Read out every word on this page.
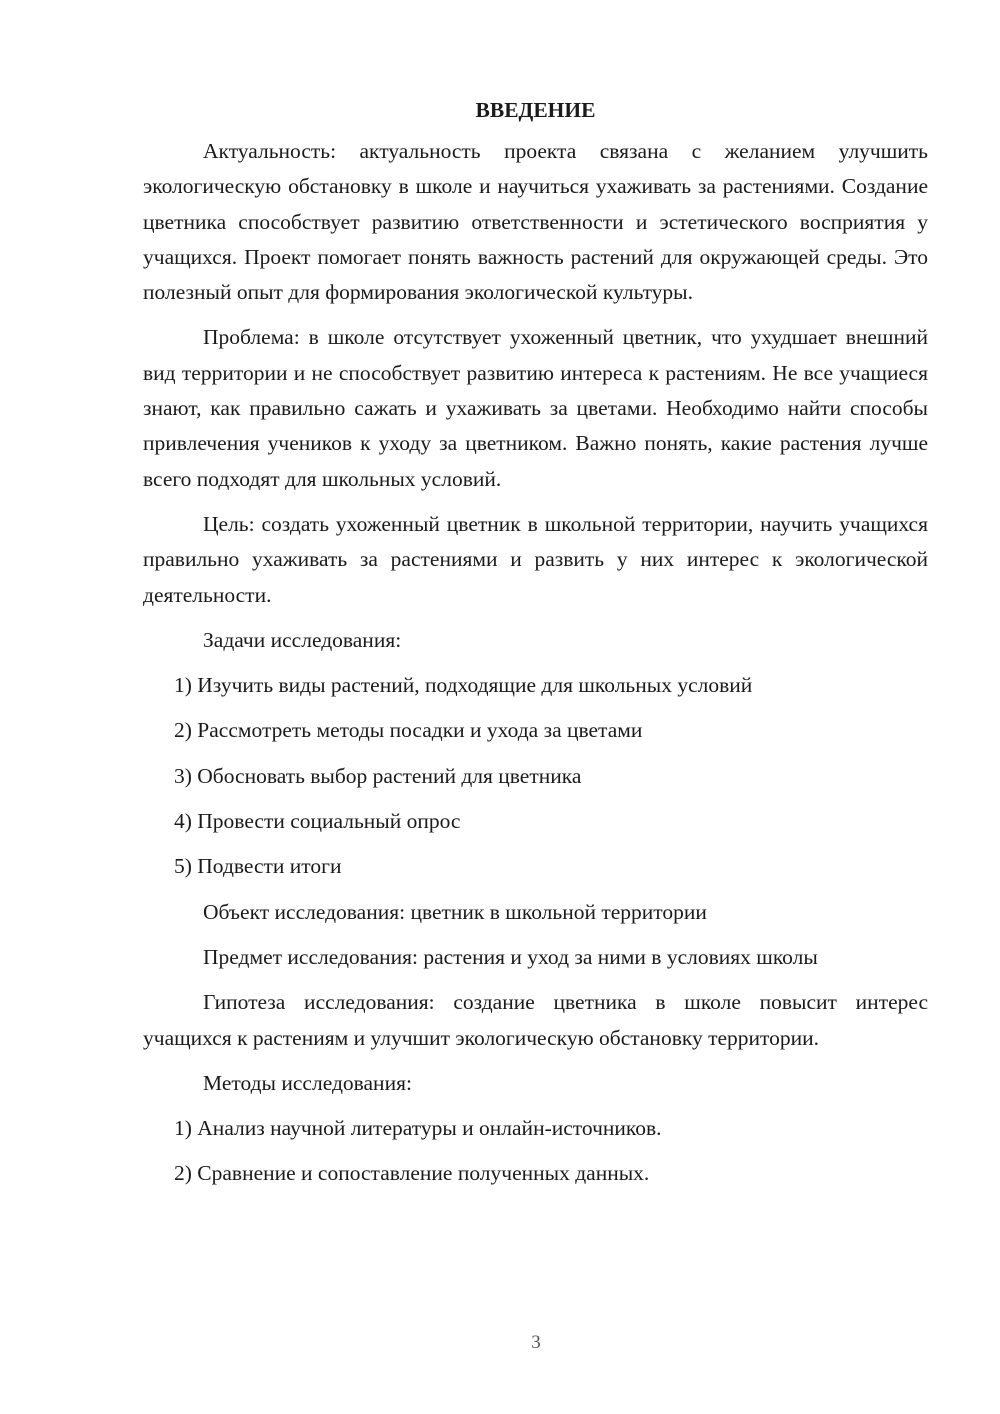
ВВЕДЕНИЕ

Актуальность: актуальность проекта связана с желанием улучшить экологическую обстановку в школе и научиться ухаживать за растениями. Создание цветника способствует развитию ответственности и эстетического восприятия у учащихся. Проект помогает понять важность растений для окружающей среды. Это полезный опыт для формирования экологической культуры.

Проблема: в школе отсутствует ухоженный цветник, что ухудшает внешний вид территории и не способствует развитию интереса к растениям. Не все учащиеся знают, как правильно сажать и ухаживать за цветами. Необходимо найти способы привлечения учеников к уходу за цветником. Важно понять, какие растения лучше всего подходят для школьных условий.

Цель: создать ухоженный цветник в школьной территории, научить учащихся правильно ухаживать за растениями и развить у них интерес к экологической деятельности.

Задачи исследования:
1) Изучить виды растений, подходящие для школьных условий
2) Рассмотреть методы посадки и ухода за цветами
3) Обосновать выбор растений для цветника
4) Провести социальный опрос
5) Подвести итоги
Объект исследования: цветник в школьной территории
Предмет исследования: растения и уход за ними в условиях школы

Гипотеза исследования: создание цветника в школе повысит интерес учащихся к растениям и улучшит экологическую обстановку территории.

Методы исследования:
1) Анализ научной литературы и онлайн-источников.
2) Сравнение и сопоставление полученных данных.
3
